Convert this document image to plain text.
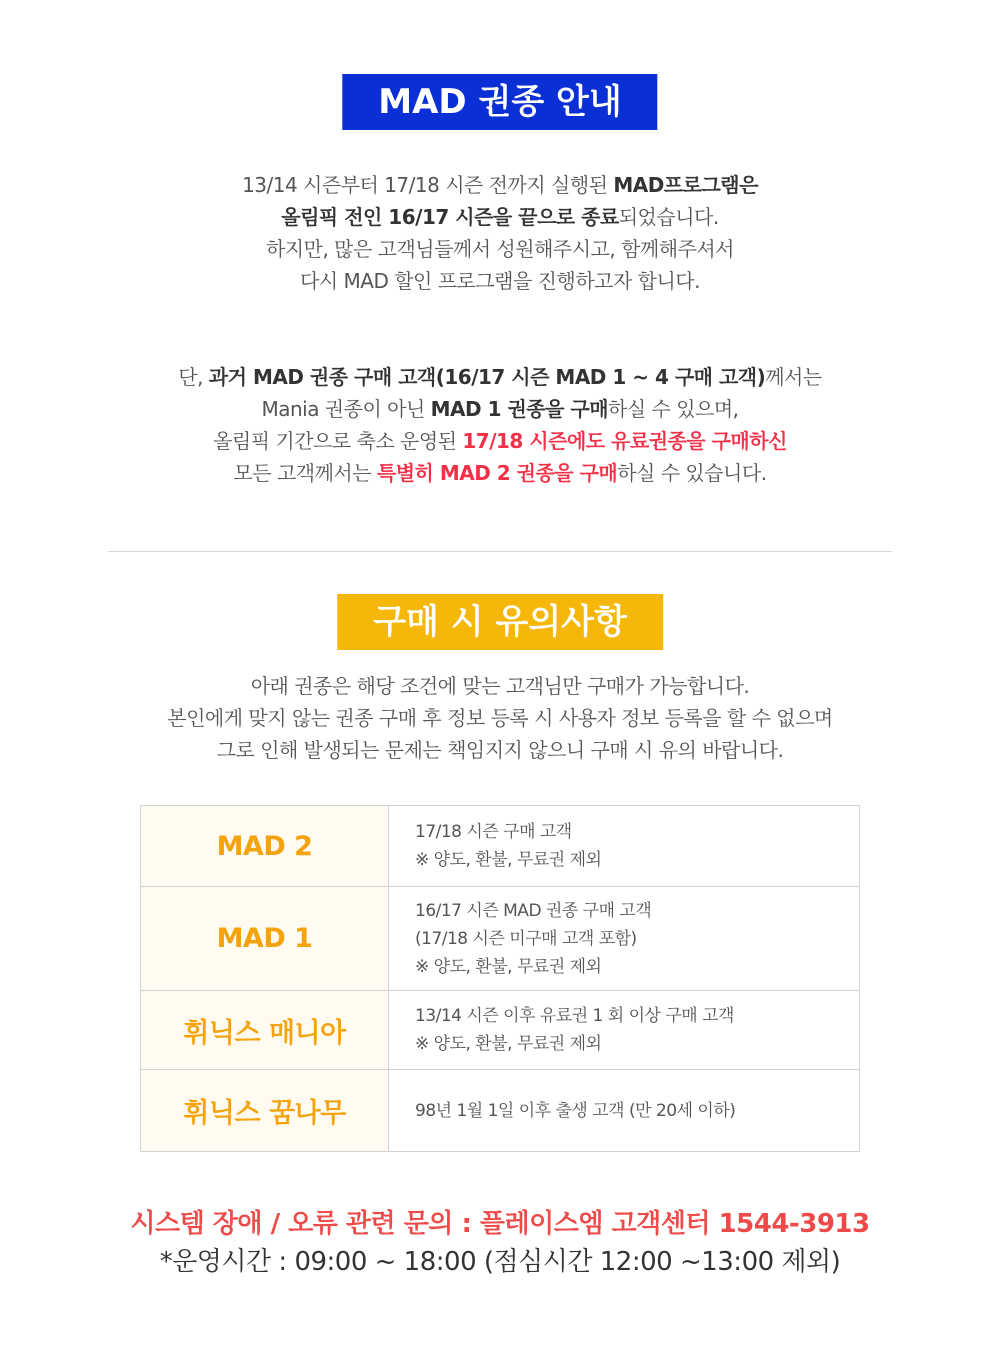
MAD 권종 안내

13/14 시즌부터 17/18 시즌 전까지 실행된 MAD프로그램은

올림픽 전인 16/17 시즌을 끝으로 종료되었습니다.

하지만, 많은 고객님들께서 성원해주시고, 함께해주셔서

다시 MAD 할인 프로그램을 진행하고자 합니다.

단, 과거 MAD 권종 구매 고객(16/17 시즌 MAD 1 ~ 4 구매 고객)께서는

Mania 권종이 아닌 MAD 1 권종을 구매하실 수 있으며,

올림픽 기간으로 축소 운영된 17/18 시즌에도 유료권종을 구매하신

모든 고객께서는 특별히 MAD 2 권종을 구매하실 수 있습니다.

구매 시 유의사항

아래 권종은 해당 조건에 맞는 고객님만 구매가 가능합니다.

본인에게 맞지 않는 권종 구매 후 정보 등록 시 사용자 정보 등록을 할 수 없으며

그로 인해 발생되는 문제는 책임지지 않으니 구매 시 유의 바랍니다.

MAD 2	17/18 시즌 구매 고객
※ 양도, 환불, 무료권 제외

MAD 1	16/17 시즌 MAD 권종 구매 고객
(17/18 시즌 미구매 고객 포함)
※ 양도, 환불, 무료권 제외

휘닉스 매니아	13/14 시즌 이후 유료권 1 회 이상 구매 고객
※ 양도, 환불, 무료권 제외

휘닉스 꿈나무	98년 1월 1일 이후 출생 고객 (만 20세 이하)
시스템 장애 / 오류 관련 문의 : 플레이스엠 고객센터 1544-3913
*운영시간 : 09:00 ~ 18:00 (점심시간 12:00 ~13:00 제외)
